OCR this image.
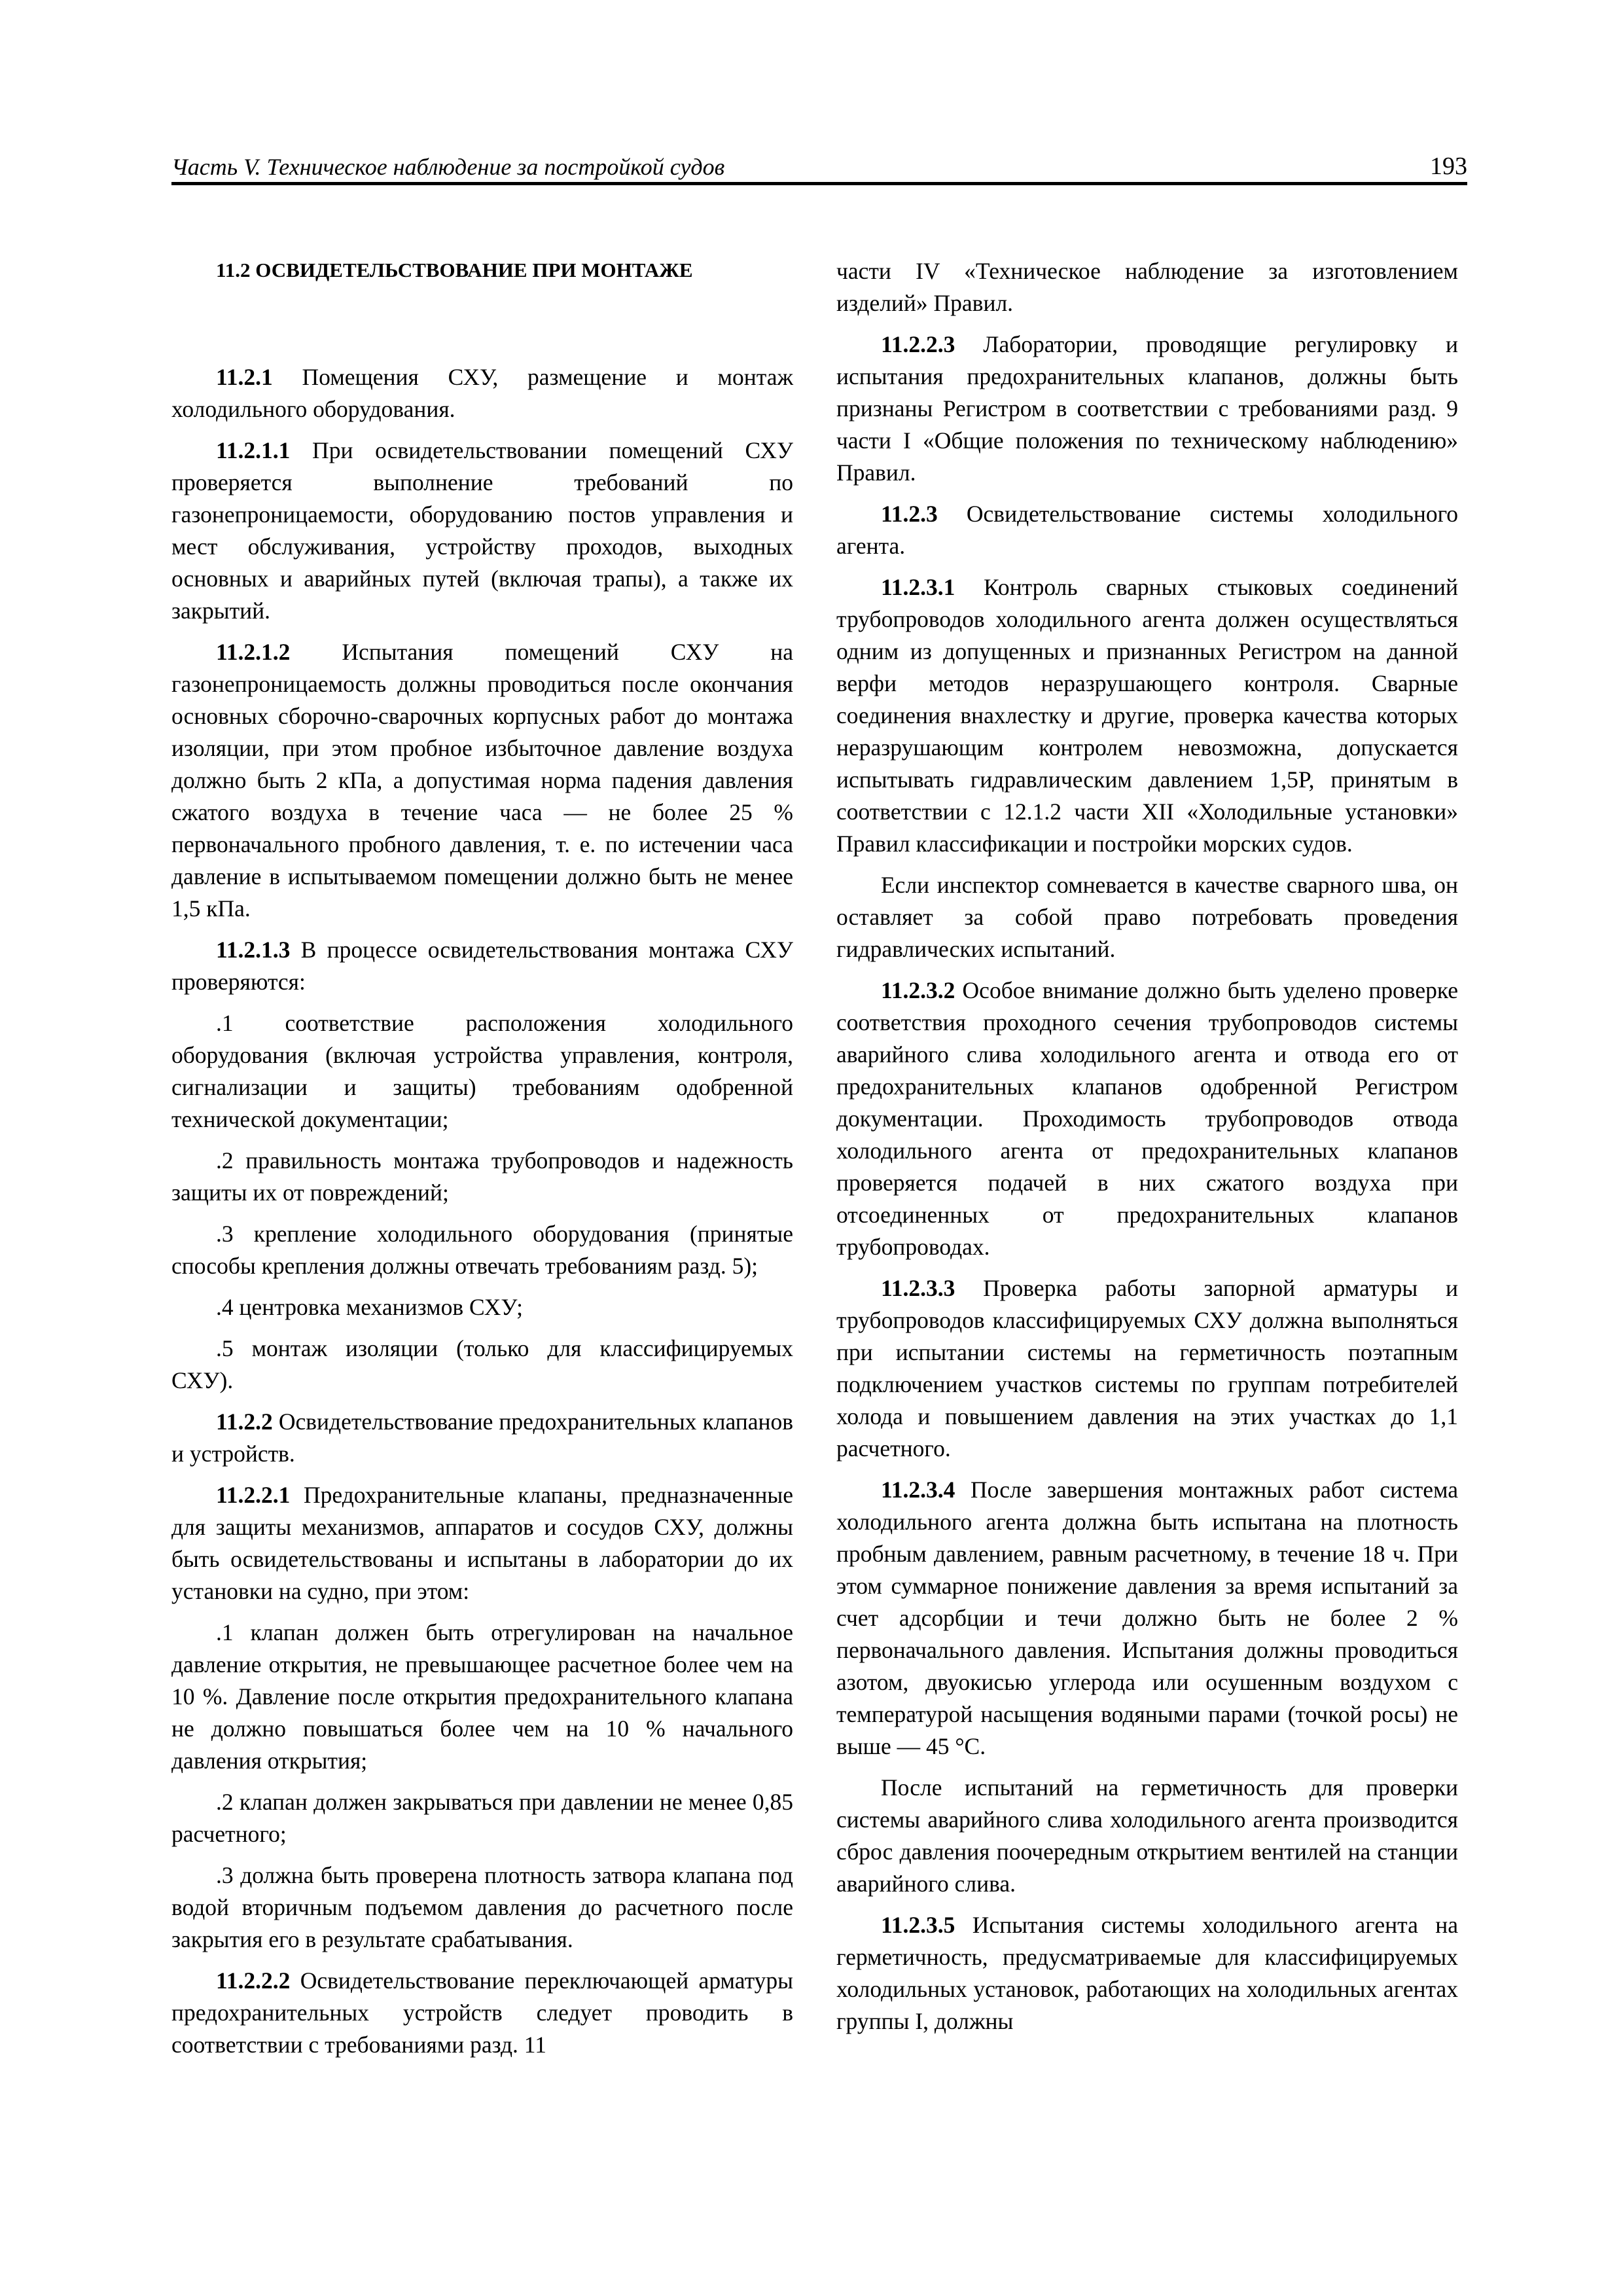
Часть V. Техническое наблюдение за постройкой судов	193

11.2 ОСВИДЕТЕЛЬСТВОВАНИЕ ПРИ МОНТАЖЕ

11.2.1 Помещения СХУ, размещение и монтаж холодильного оборудования.

11.2.1.1 При освидетельствовании помещений СХУ проверяется выполнение требований по газонепроницаемости, оборудованию постов управления и мест обслуживания, устройству проходов, выходных основных и аварийных путей (включая трапы), а также их закрытий.

11.2.1.2 Испытания помещений СХУ на газонепроницаемость должны проводиться после окончания основных сборочно-сварочных корпусных работ до монтажа изоляции, при этом пробное избыточное давление воздуха должно быть 2 кПа, а допустимая норма падения давления сжатого воздуха в течение часа — не более 25 % первоначального пробного давления, т. е. по истечении часа давление в испытываемом помещении должно быть не менее 1,5 кПа.

11.2.1.3 В процессе освидетельствования монтажа СХУ проверяются:

.1 соответствие расположения холодильного оборудования (включая устройства управления, контроля, сигнализации и защиты) требованиям одобренной технической документации;

.2 правильность монтажа трубопроводов и надежность защиты их от повреждений;

.3 крепление холодильного оборудования (принятые способы крепления должны отвечать требованиям разд. 5);

.4 центровка механизмов СХУ;

.5 монтаж изоляции (только для классифицируемых СХУ).

11.2.2 Освидетельствование предохранительных клапанов и устройств.

11.2.2.1 Предохранительные клапаны, предназначенные для защиты механизмов, аппаратов и сосудов СХУ, должны быть освидетельствованы и испытаны в лаборатории до их установки на судно, при этом:

.1 клапан должен быть отрегулирован на начальное давление открытия, не превышающее расчетное более чем на 10 %. Давление после открытия предохранительного клапана не должно повышаться более чем на 10 % начального давления открытия;

.2 клапан должен закрываться при давлении не менее 0,85 расчетного;

.3 должна быть проверена плотность затвора клапана под водой вторичным подъемом давления до расчетного после закрытия его в результате срабатывания.

11.2.2.2 Освидетельствование переключающей арматуры предохранительных устройств следует проводить в соответствии с требованиями разд. 11

части IV «Техническое наблюдение за изготовлением изделий» Правил.

11.2.2.3 Лаборатории, проводящие регулировку и испытания предохранительных клапанов, должны быть признаны Регистром в соответствии с требованиями разд. 9 части I «Общие положения по техническому наблюдению» Правил.

11.2.3 Освидетельствование системы холодильного агента.

11.2.3.1 Контроль сварных стыковых соединений трубопроводов холодильного агента должен осуществляться одним из допущенных и признанных Регистром на данной верфи методов неразрушающего контроля. Сварные соединения внахлестку и другие, проверка качества которых неразрушающим контролем невозможна, допускается испытывать гидравлическим давлением 1,5P, принятым в соответствии с 12.1.2 части XII «Холодильные установки» Правил классификации и постройки морских судов.

Если инспектор сомневается в качестве сварного шва, он оставляет за собой право потребовать проведения гидравлических испытаний.

11.2.3.2 Особое внимание должно быть уделено проверке соответствия проходного сечения трубопроводов системы аварийного слива холодильного агента и отвода его от предохранительных клапанов одобренной Регистром документации. Проходимость трубопроводов отвода холодильного агента от предохранительных клапанов проверяется подачей в них сжатого воздуха при отсоединенных от предохранительных клапанов трубопроводах.

11.2.3.3 Проверка работы запорной арматуры и трубопроводов классифицируемых СХУ должна выполняться при испытании системы на герметичность поэтапным подключением участков системы по группам потребителей холода и повышением давления на этих участках до 1,1 расчетного.

11.2.3.4 После завершения монтажных работ система холодильного агента должна быть испытана на плотность пробным давлением, равным расчетному, в течение 18 ч. При этом суммарное понижение давления за время испытаний за счет адсорбции и течи должно быть не более 2 % первоначального давления. Испытания должны проводиться азотом, двуокисью углерода или осушенным воздухом с температурой насыщения водяными парами (точкой росы) не выше — 45 °С.

После испытаний на герметичность для проверки системы аварийного слива холодильного агента производится сброс давления поочередным открытием вентилей на станции аварийного слива.

11.2.3.5 Испытания системы холодильного агента на герметичность, предусматриваемые для классифицируемых холодильных установок, работающих на холодильных агентах группы I, должны
